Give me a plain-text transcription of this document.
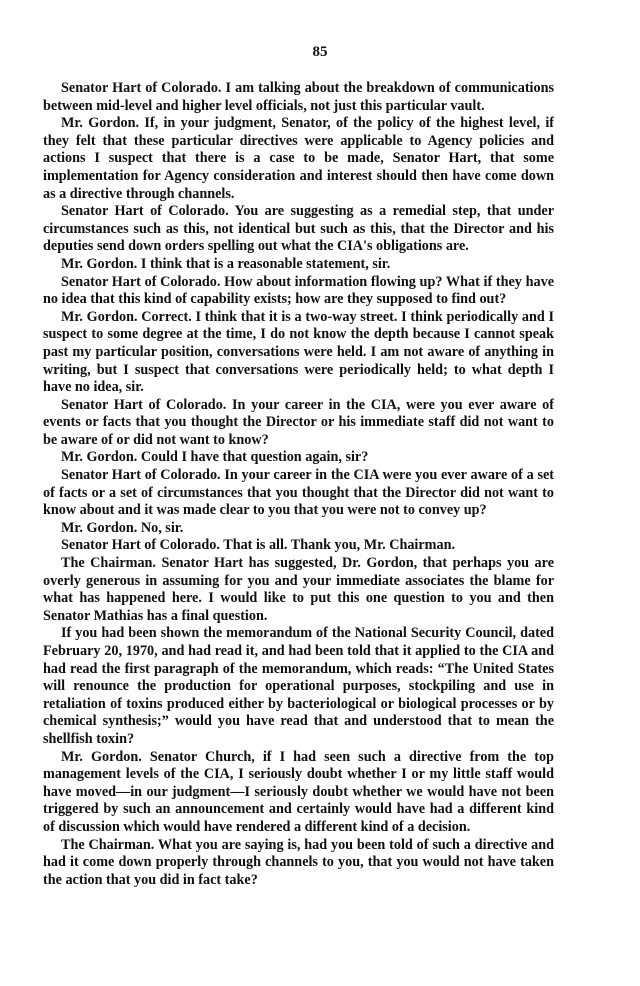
85

Senator Hart of Colorado. I am talking about the breakdown of communications between mid-level and higher level officials, not just this particular vault.

Mr. Gordon. If, in your judgment, Senator, of the policy of the highest level, if they felt that these particular directives were applicable to Agency policies and actions I suspect that there is a case to be made, Senator Hart, that some implementation for Agency consideration and interest should then have come down as a directive through channels.

Senator Hart of Colorado. You are suggesting as a remedial step, that under circumstances such as this, not identical but such as this, that the Director and his deputies send down orders spelling out what the CIA's obligations are.

Mr. Gordon. I think that is a reasonable statement, sir.

Senator Hart of Colorado. How about information flowing up? What if they have no idea that this kind of capability exists; how are they supposed to find out?

Mr. Gordon. Correct. I think that it is a two-way street. I think periodically and I suspect to some degree at the time, I do not know the depth because I cannot speak past my particular position, conversations were held. I am not aware of anything in writing, but I suspect that conversations were periodically held; to what depth I have no idea, sir.

Senator Hart of Colorado. In your career in the CIA, were you ever aware of events or facts that you thought the Director or his immediate staff did not want to be aware of or did not want to know?

Mr. Gordon. Could I have that question again, sir?

Senator Hart of Colorado. In your career in the CIA were you ever aware of a set of facts or a set of circumstances that you thought that the Director did not want to know about and it was made clear to you that you were not to convey up?

Mr. Gordon. No, sir.

Senator Hart of Colorado. That is all. Thank you, Mr. Chairman.

The Chairman. Senator Hart has suggested, Dr. Gordon, that perhaps you are overly generous in assuming for you and your immediate associates the blame for what has happened here. I would like to put this one question to you and then Senator Mathias has a final question.

If you had been shown the memorandum of the National Security Council, dated February 20, 1970, and had read it, and had been told that it applied to the CIA and had read the first paragraph of the memorandum, which reads: “The United States will renounce the production for operational purposes, stockpiling and use in retaliation of toxins produced either by bacteriological or biological processes or by chemical synthesis;” would you have read that and understood that to mean the shellfish toxin?

Mr. Gordon. Senator Church, if I had seen such a directive from the top management levels of the CIA, I seriously doubt whether I or my little staff would have moved—in our judgment—I seriously doubt whether we would have not been triggered by such an announcement and certainly would have had a different kind of discussion which would have rendered a different kind of a decision.

The Chairman. What you are saying is, had you been told of such a directive and had it come down properly through channels to you, that you would not have taken the action that you did in fact take?
